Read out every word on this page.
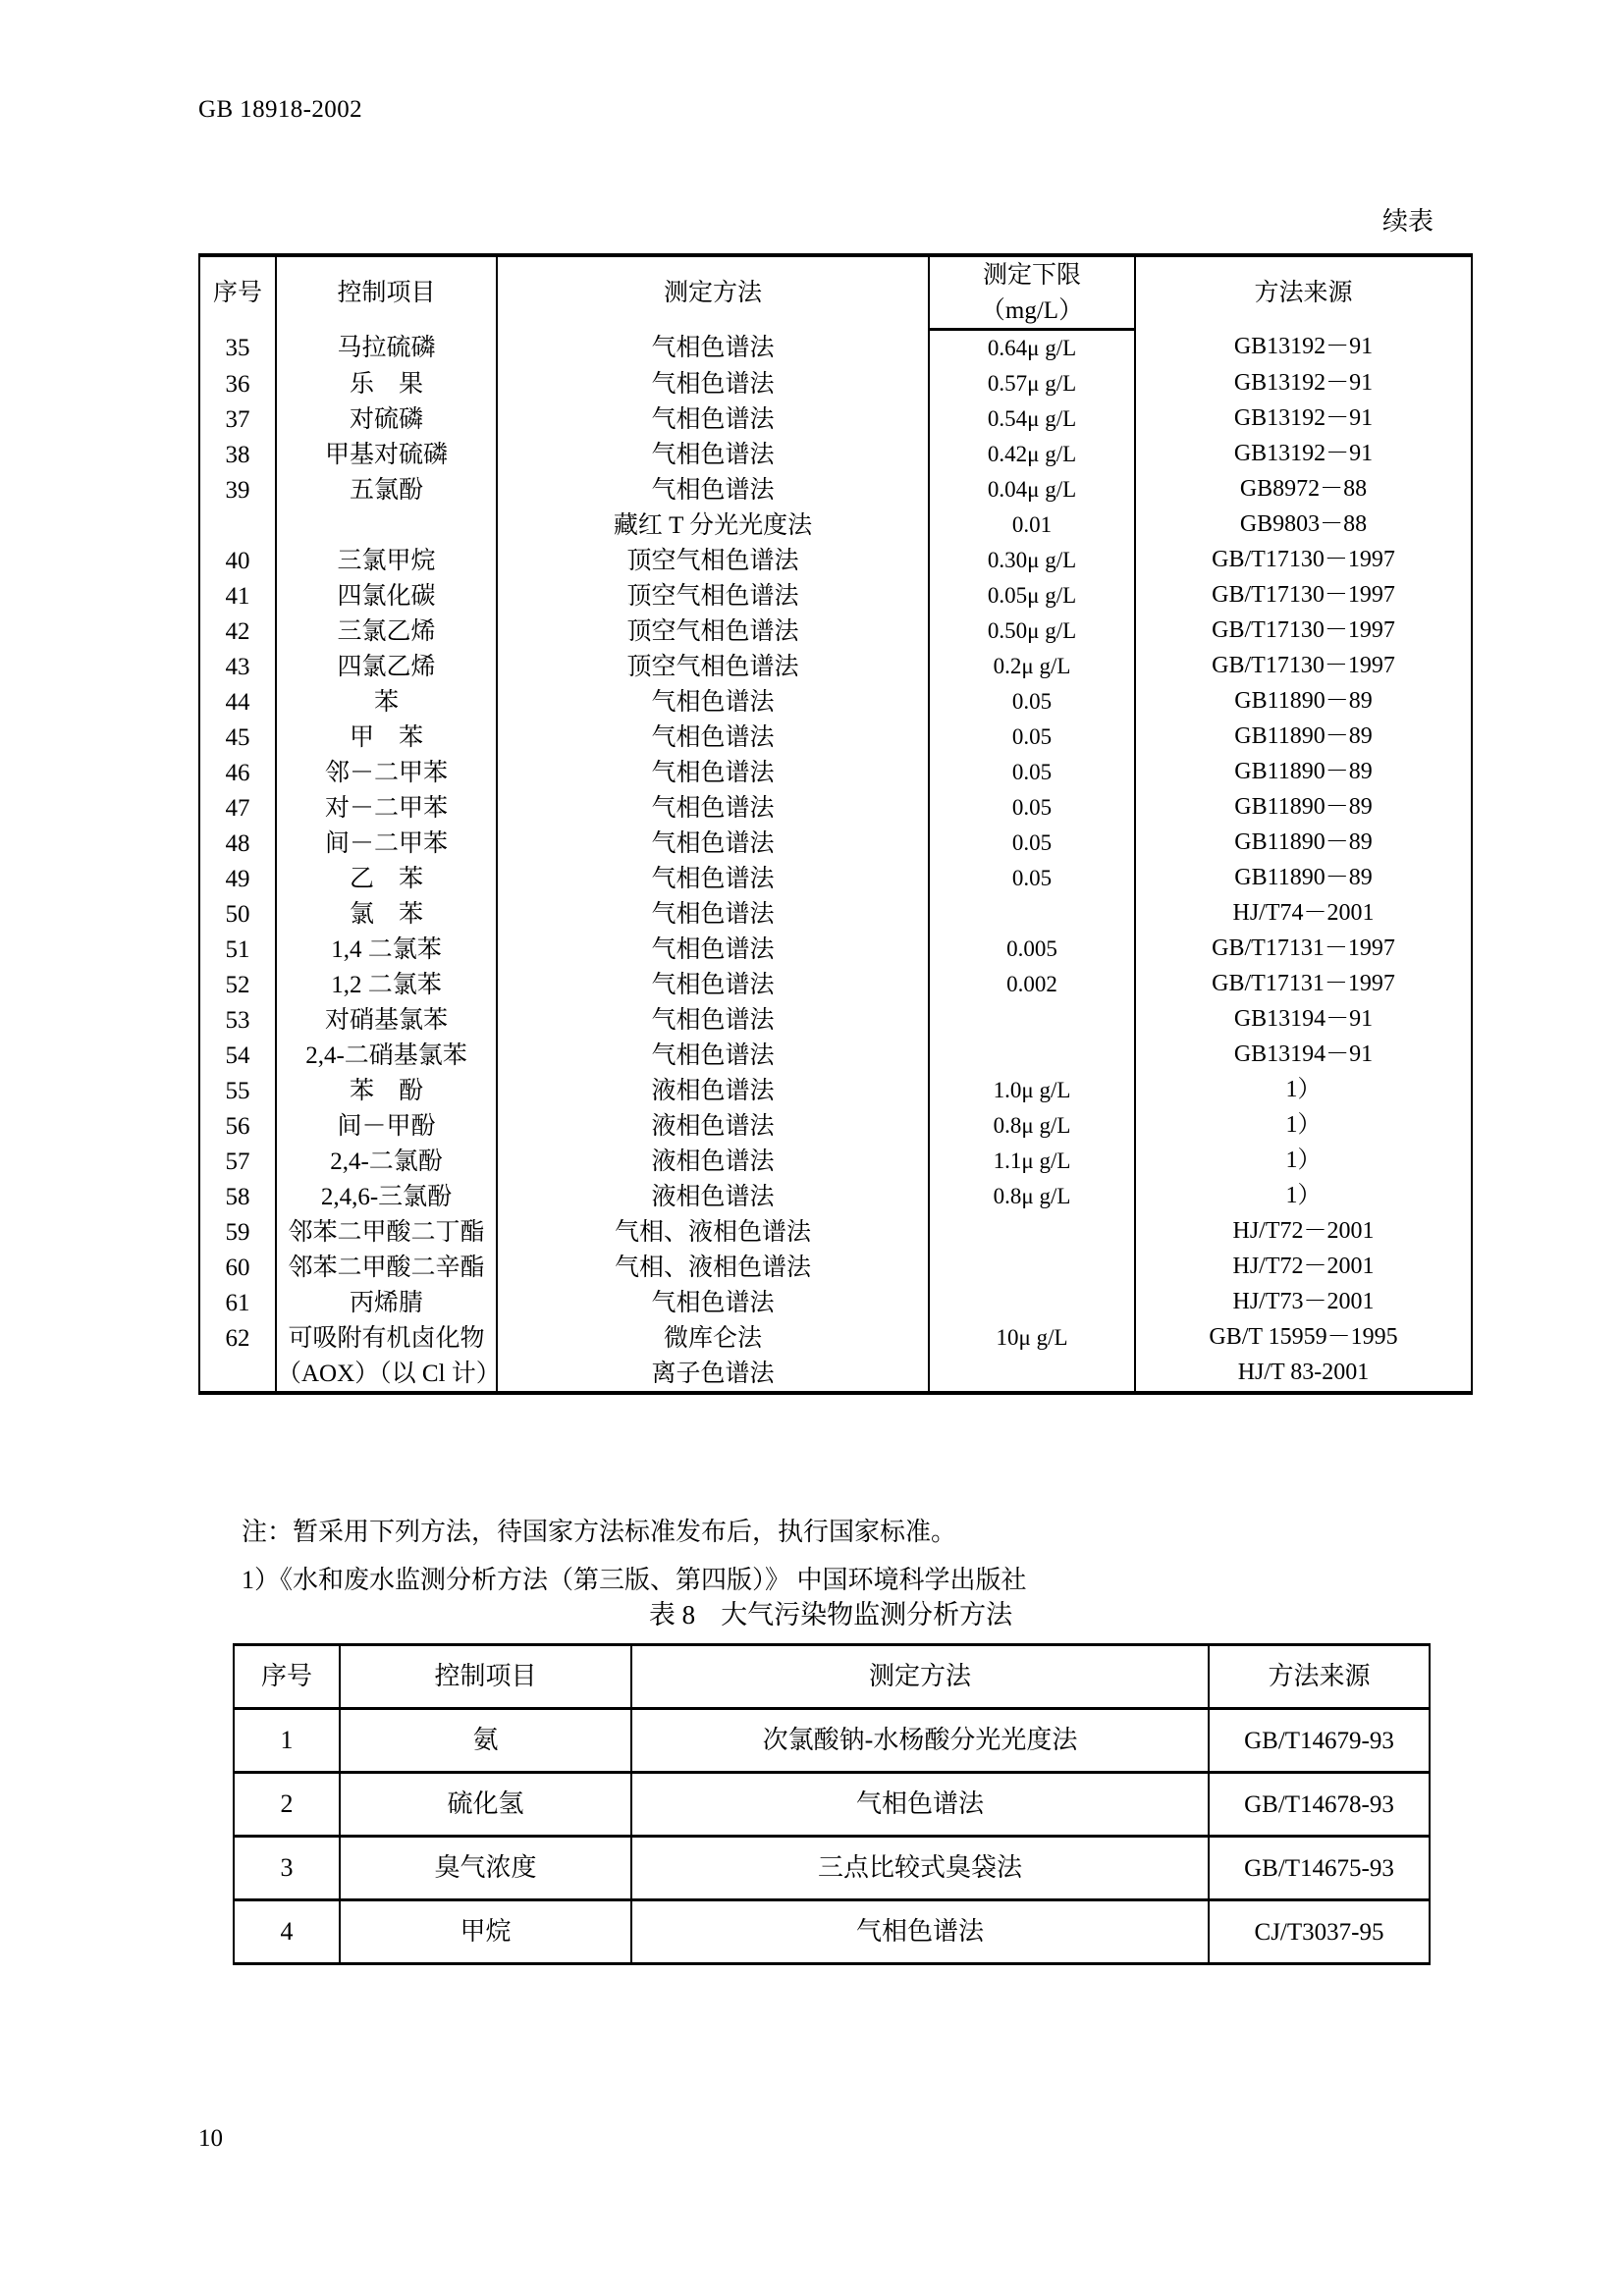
GB 18918-2002
续表
序号	控制项目	测定方法	测定下限	方法来源
			（mg/L）	
35	马拉硫磷	气相色谱法	0.64μ g/L	GB13192－91
36	乐　果	气相色谱法	0.57μ g/L	GB13192－91
37	对硫磷	气相色谱法	0.54μ g/L	GB13192－91
38	甲基对硫磷	气相色谱法	0.42μ g/L	GB13192－91
39	五氯酚	气相色谱法	0.04μ g/L	GB8972－88
		藏红 T 分光光度法	0.01	GB9803－88
40	三氯甲烷	顶空气相色谱法	0.30μ g/L	GB/T17130－1997
41	四氯化碳	顶空气相色谱法	0.05μ g/L	GB/T17130－1997
42	三氯乙烯	顶空气相色谱法	0.50μ g/L	GB/T17130－1997
43	四氯乙烯	顶空气相色谱法	0.2μ g/L	GB/T17130－1997
44	苯	气相色谱法	0.05	GB11890－89
45	甲　苯	气相色谱法	0.05	GB11890－89
46	邻－二甲苯	气相色谱法	0.05	GB11890－89
47	对－二甲苯	气相色谱法	0.05	GB11890－89
48	间－二甲苯	气相色谱法	0.05	GB11890－89
49	乙　苯	气相色谱法	0.05	GB11890－89
50	氯　苯	气相色谱法		HJ/T74－2001
51	1,4 二氯苯	气相色谱法	0.005	GB/T17131－1997
52	1,2 二氯苯	气相色谱法	0.002	GB/T17131－1997
53	对硝基氯苯	气相色谱法		GB13194－91
54	2,4-二硝基氯苯	气相色谱法		GB13194－91
55	苯　酚	液相色谱法	1.0μ g/L	1）
56	间－甲酚	液相色谱法	0.8μ g/L	1）
57	2,4-二氯酚	液相色谱法	1.1μ g/L	1）
58	2,4,6-三氯酚	液相色谱法	0.8μ g/L	1）
59	邻苯二甲酸二丁酯	气相、液相色谱法		HJ/T72－2001
60	邻苯二甲酸二辛酯	气相、液相色谱法		HJ/T72－2001
61	丙烯腈	气相色谱法		HJ/T73－2001
62	可吸附有机卤化物	微库仑法	10μ g/L	GB/T 15959－1995
	（AOX）（以 Cl 计）	离子色谱法		HJ/T 83-2001
注：暂采用下列方法，待国家方法标准发布后，执行国家标准。
1）《水和废水监测分析方法（第三版、第四版）》 中国环境科学出版社
表 8 大气污染物监测分析方法
序号	控制项目	测定方法	方法来源
1	氨	次氯酸钠-水杨酸分光光度法	GB/T14679-93
2	硫化氢	气相色谱法	GB/T14678-93
3	臭气浓度	三点比较式臭袋法	GB/T14675-93
4	甲烷	气相色谱法	CJ/T3037-95
10
